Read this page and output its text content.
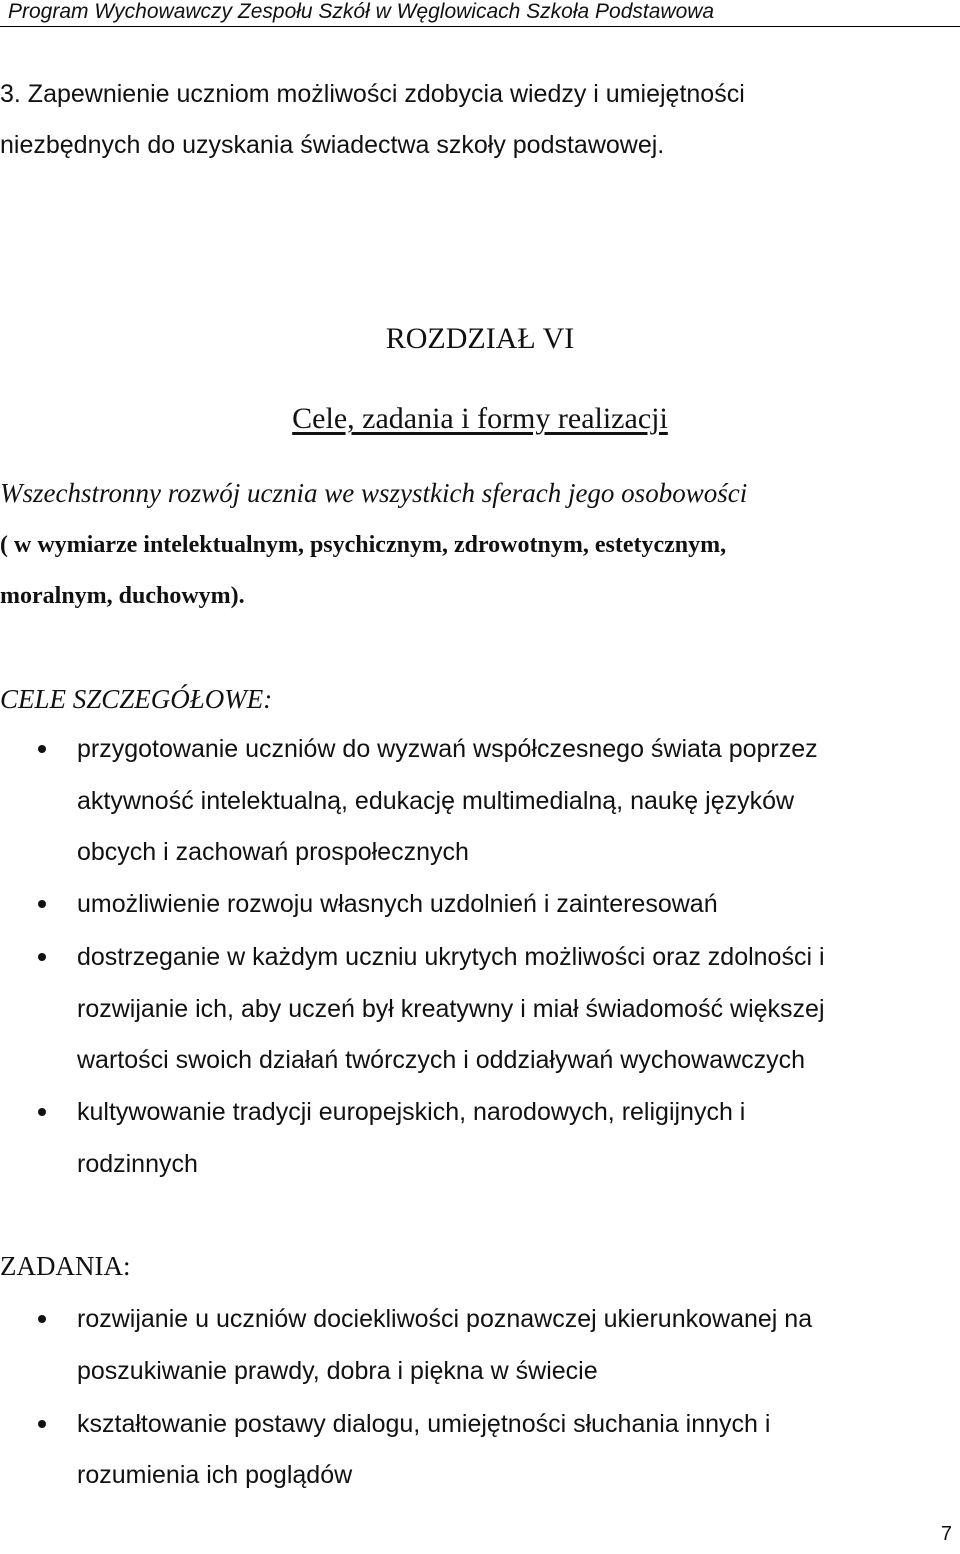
Program Wychowawczy Zespołu Szkół w Węglowicach Szkoła Podstawowa
3. Zapewnienie uczniom możliwości zdobycia wiedzy i umiejętności
niezbędnych do uzyskania świadectwa szkoły podstawowej.
ROZDZIAŁ VI
Cele, zadania i formy realizacji
Wszechstronny rozwój ucznia we wszystkich sferach jego osobowości
( w wymiarze intelektualnym, psychicznym, zdrowotnym, estetycznym,
moralnym, duchowym).
CELE SZCZEGÓŁOWE:
przygotowanie uczniów do wyzwań współczesnego świata poprzez
aktywność intelektualną, edukację multimedialną, naukę języków
obcych i zachowań prospołecznych
umożliwienie rozwoju własnych uzdolnień i zainteresowań
dostrzeganie w każdym uczniu ukrytych możliwości oraz zdolności i
rozwijanie ich, aby uczeń był kreatywny i miał świadomość większej
wartości swoich działań twórczych i oddziaływań wychowawczych
kultywowanie tradycji europejskich, narodowych, religijnych i
rodzinnych
ZADANIA:
rozwijanie u uczniów dociekliwości poznawczej ukierunkowanej na
poszukiwanie prawdy, dobra i piękna w świecie
kształtowanie postawy dialogu, umiejętności słuchania innych i
rozumienia ich poglądów
7
